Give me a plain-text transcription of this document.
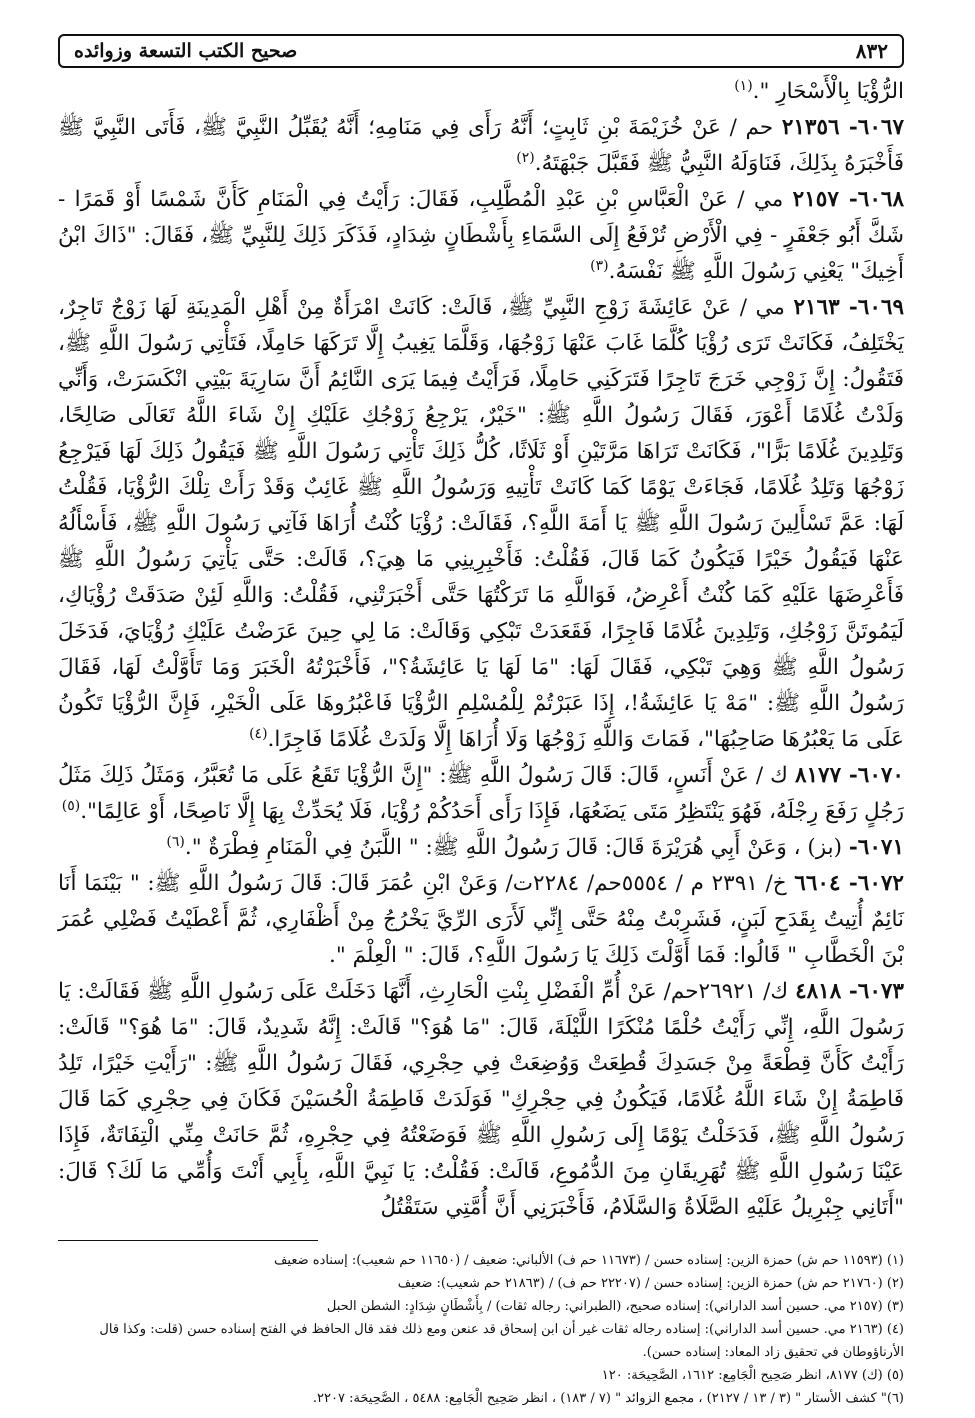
٨٣٢
صحيح الكتب التسعة وزوائده

الرُّؤْيَا بِالْأَسْحَارِ ".$^{(١)}$

٦٠٦٧- ٢١٣٥٦ حم / عَنْ خُزَيْمَةَ بْنِ ثَابِتٍ؛ أَنَّهُ رَأَى فِي مَنَامِهِ؛ أَنَّهُ يُقَبِّلُ النَّبِيَّ ﷺ، فَأَتَى النَّبِيَّ ﷺ فَأَخْبَرَهُ بِذَلِكَ، فَنَاوَلَهُ النَّبِيُّ ﷺ فَقَبَّلَ جَبْهَتَهُ.$^{(٢)}$

٦٠٦٨- ٢١٥٧ مي / عَنْ الْعَبَّاسِ بْنِ عَبْدِ الْمُطَّلِبِ، فَقَالَ: رَأَيْتُ فِي الْمَنَامِ كَأَنَّ شَمْسًا أَوْ قَمَرًا - شَكَّ أَبُو جَعْفَرٍ - فِي الْأَرْضِ تُرْفَعُ إِلَى السَّمَاءِ بِأَشْطَانٍ شِدَادٍ، فَذَكَرَ ذَلِكَ لِلنَّبِيِّ ﷺ، فَقَالَ: "ذَاكَ ابْنُ أَخِيكَ" يَعْنِي رَسُولَ اللَّهِ ﷺ نَفْسَهُ.$^{(٣)}$

٦٠٦٩- ٢١٦٣ مي / عَنْ عَائِشَةَ زَوْجِ النَّبِيِّ ﷺ، قَالَتْ: كَانَتْ امْرَأَةٌ مِنْ أَهْلِ الْمَدِينَةِ لَهَا زَوْجٌ تَاجِرٌ، يَخْتَلِفُ، فَكَانَتْ تَرَى رُؤْيَا كُلَّمَا غَابَ عَنْهَا زَوْجُهَا، وَقَلَّمَا يَغِيبُ إِلَّا تَرَكَهَا حَامِلًا، فَتَأْتِي رَسُولَ اللَّهِ ﷺ، فَتَقُولُ: إِنَّ زَوْجِي خَرَجَ تَاجِرًا فَتَرَكَنِي حَامِلًا، فَرَأَيْتُ فِيمَا يَرَى النَّائِمُ أَنَّ سَارِيَةَ بَيْتِي انْكَسَرَتْ، وَأَنِّي وَلَدْتُ غُلَامًا أَعْوَرَ، فَقَالَ رَسُولُ اللَّهِ ﷺ: "خَيْرٌ، يَرْجِعُ زَوْجُكِ عَلَيْكِ إِنْ شَاءَ اللَّهُ تَعَالَى صَالِحًا، وَتَلِدِينَ غُلَامًا بَرًّا"، فَكَانَتْ تَرَاهَا مَرَّتَيْنِ أَوْ ثَلَاثًا، كُلُّ ذَلِكَ تَأْتِي رَسُولَ اللَّهِ ﷺ فَيَقُولُ ذَلِكَ لَهَا فَيَرْجِعُ زَوْجُهَا وَتَلِدُ غُلَامًا، فَجَاءَتْ يَوْمًا كَمَا كَانَتْ تَأْتِيهِ وَرَسُولُ اللَّهِ ﷺ غَائِبٌ وَقَدْ رَأَتْ تِلْكَ الرُّؤْيَا، فَقُلْتُ لَهَا: عَمَّ تَسْأَلِينَ رَسُولَ اللَّهِ ﷺ يَا أَمَةَ اللَّهِ؟، فَقَالَتْ: رُؤْيَا كُنْتُ أُرَاهَا فَآتِي رَسُولَ اللَّهِ ﷺ، فَأَسْأَلُهُ عَنْهَا فَيَقُولُ خَيْرًا فَيَكُونُ كَمَا قَالَ، فَقُلْتُ: فَأَخْبِرِينِي مَا هِيَ؟، قَالَتْ: حَتَّى يَأْتِيَ رَسُولُ اللَّهِ ﷺ فَأَعْرِضَهَا عَلَيْهِ كَمَا كُنْتُ أَعْرِضُ، فَوَاللَّهِ مَا تَرَكْتُهَا حَتَّى أَخْبَرَتْنِي، فَقُلْتُ: وَاللَّهِ لَئِنْ صَدَقَتْ رُؤْيَاكِ، لَيَمُوتَنَّ زَوْجُكِ، وَتَلِدِينَ غُلَامًا فَاجِرًا، فَقَعَدَتْ تَبْكِي وَقَالَتْ: مَا لِي حِينَ عَرَضْتُ عَلَيْكِ رُؤْيَايَ، فَدَخَلَ رَسُولُ اللَّهِ ﷺ وَهِيَ تَبْكِي، فَقَالَ لَهَا: "مَا لَهَا يَا عَائِشَةُ؟"، فَأَخْبَرْتُهُ الْخَبَرَ وَمَا تَأَوَّلْتُ لَهَا، فَقَالَ رَسُولُ اللَّهِ ﷺ: "مَهْ يَا عَائِشَةُ!، إِذَا عَبَرْتُمْ لِلْمُسْلِمِ الرُّؤْيَا فَاعْبُرُوهَا عَلَى الْخَيْرِ، فَإِنَّ الرُّؤْيَا تَكُونُ عَلَى مَا يَعْبُرُهَا صَاحِبُهَا"، فَمَاتَ وَاللَّهِ زَوْجُهَا وَلَا أُرَاهَا إِلَّا وَلَدَتْ غُلَامًا فَاجِرًا.$^{(٤)}$

٦٠٧٠- ٨١٧٧ ك / عَنْ أَنَسٍ، قَالَ: قَالَ رَسُولُ اللَّهِ ﷺ: "إِنَّ الرُّؤْيَا تَقَعُ عَلَى مَا تُعَبَّرُ، وَمَثَلُ ذَلِكَ مَثَلُ رَجُلٍ رَفَعَ رِجْلَهُ، فَهُوَ يَنْتَظِرُ مَتَى يَضَعُهَا، فَإِذَا رَأَى أَحَدُكُمْ رُؤْيَا، فَلَا يُحَدِّثْ بِهَا إِلَّا نَاصِحًا، أَوْ عَالِمًا".$^{(٥)}$

٦٠٧١- (بز) ، وَعَنْ أَبِي هُرَيْرَةَ قَالَ: قَالَ رَسُولُ اللَّهِ ﷺ: " اللَّبَنُ فِي الْمَنَامِ فِطْرَةٌ ".$^{(٦)}$

٦٠٧٢- ٦٦٠٤ خ/ ٢٣٩١ م / ٥٥٥٤حم/ ٢٢٨٤ت/ وَعَنْ ابْنِ عُمَرَ قَالَ: قَالَ رَسُولُ اللَّهِ ﷺ: " بَيْنَمَا أَنَا نَائِمٌ أُتِيتُ بِقَدَحِ لَبَنٍ، فَشَرِبْتُ مِنْهُ حَتَّى إِنِّي لَأَرَى الرِّيَّ يَخْرُجُ مِنْ أَظْفَارِي، ثُمَّ أَعْطَيْتُ فَضْلِي عُمَرَ بْنَ الْخَطَّابِ " قَالُوا: فَمَا أَوَّلْتَ ذَلِكَ يَا رَسُولَ اللَّهِ؟، قَالَ: " الْعِلْمَ ".

٦٠٧٣- ٤٨١٨ ك/ ٢٦٩٢١حم/ عَنْ أُمِّ الْفَضْلِ بِنْتِ الْحَارِثِ، أَنَّهَا دَخَلَتْ عَلَى رَسُولِ اللَّهِ ﷺ فَقَالَتْ: يَا رَسُولَ اللَّهِ، إِنِّي رَأَيْتُ حُلْمًا مُنْكَرًا اللَّيْلَةَ، قَالَ: "مَا هُوَ؟" قَالَتْ: إِنَّهُ شَدِيدٌ، قَالَ: "مَا هُوَ؟" قَالَتْ: رَأَيْتُ كَأَنَّ قِطْعَةً مِنْ جَسَدِكَ قُطِعَتْ وَوُضِعَتْ فِي حِجْرِي، فَقَالَ رَسُولُ اللَّهِ ﷺ: "رَأَيْتِ خَيْرًا، تَلِدُ فَاطِمَةُ إِنْ شَاءَ اللَّهُ غُلَامًا، فَيَكُونُ فِي حِجْرِكِ" فَوَلَدَتْ فَاطِمَةُ الْحُسَيْنَ فَكَانَ فِي حِجْرِي كَمَا قَالَ رَسُولُ اللَّهِ ﷺ، فَدَخَلْتُ يَوْمًا إِلَى رَسُولِ اللَّهِ ﷺ فَوَضَعْتُهُ فِي حِجْرِهِ، ثُمَّ حَانَتْ مِنِّي الْتِفَاتَةٌ، فَإِذَا عَيْنَا رَسُولِ اللَّهِ ﷺ تُهَرِيقَانِ مِنَ الدُّمُوعِ، قَالَتْ: فَقُلْتُ: يَا نَبِيَّ اللَّهِ، بِأَبِي أَنْتَ وَأُمِّي مَا لَكَ؟ قَالَ: "أَتَانِي جِبْرِيلُ عَلَيْهِ الصَّلَاةُ وَالسَّلَامُ، فَأَخْبَرَنِي أَنَّ أُمَّتِي سَتَقْتُلُ

(١) (١١٥٩٣ حم ش) حمزة الزين: إسناده حسن / (١١٦٧٣ حم ف) الألباني: ضعيف / (١١٦٥٠ حم شعيب): إسناده ضعيف

(٢) (٢١٧٦٠ حم ش) حمزة الزين: إسناده حسن / (٢٢٢٠٧ حم ف) / (٢١٨٦٣ حم شعيب): ضعيف

(٣) (٢١٥٧ مي. حسين أسد الداراني): إسناده صحيح، (الطبراني: رجاله ثقات) / بِأَشْطَانٍ شِدَادٍ: الشطن الحبل

(٤) (٢١٦٣ مي. حسين أسد الداراني): إسناده رجاله ثقات غير أن ابن إسحاق قد عنعن ومع ذلك فقد قال الحافظ في الفتح إسناده حسن (قلت: وكذا قال الأرناؤوطان في تحقيق زاد المعاد: إسناده حسن).

(٥) (ك) ٨١٧٧، انظر صَحِيح الْجَامِع: ١٦١٢، الصَّحِيحَة: ١٢٠

(٦)" كشف الأستار " (٣ / ١٣ / ٢١٢٧) ، مجمع الزوائد " (٧ / ١٨٣) ، انظر صَحِيح الْجَامِع: ٥٤٨٨ ، الصَّحِيحَة: ٢٢٠٧.
